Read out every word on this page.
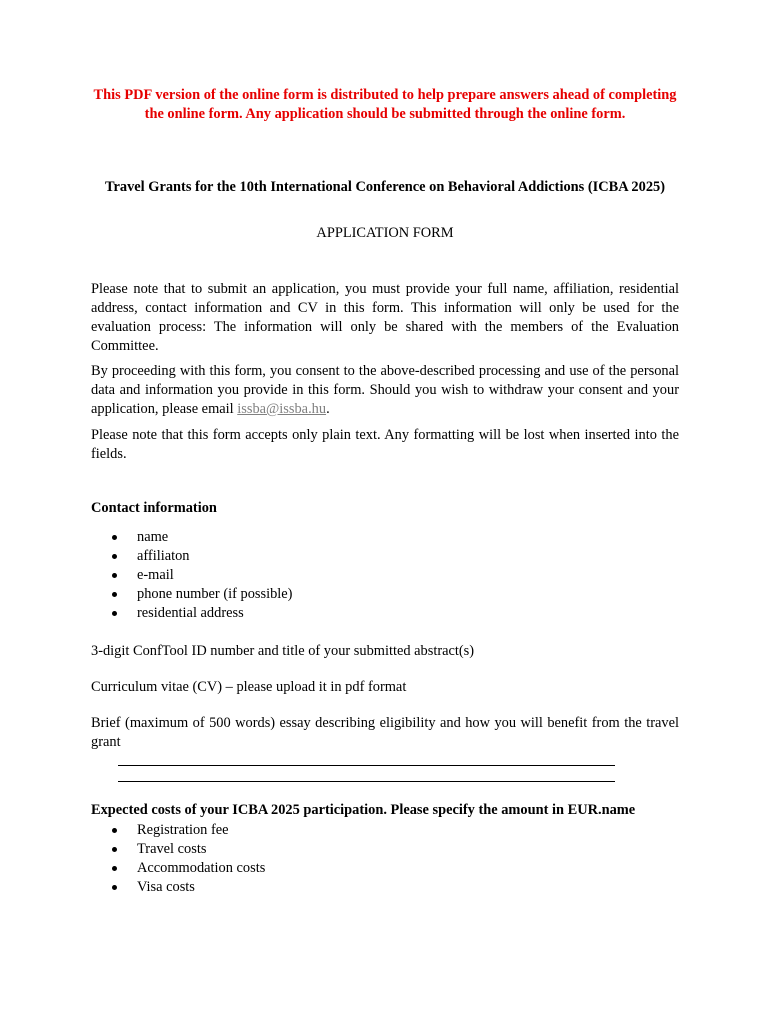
This PDF version of the online form is distributed to help prepare answers ahead of completing the online form. Any application should be submitted through the online form.
Travel Grants for the 10th International Conference on Behavioral Addictions (ICBA 2025)
APPLICATION FORM

Please note that to submit an application, you must provide your full name, affiliation, residential address, contact information and CV in this form. This information will only be used for the evaluation process: The information will only be shared with the members of the Evaluation Committee.

By proceeding with this form, you consent to the above-described processing and use of the personal data and information you provide in this form. Should you wish to withdraw your consent and your application, please email issba@issba.hu.

Please note that this form accepts only plain text. Any formatting will be lost when inserted into the fields.

Contact information
name
affiliaton
e-mail
phone number (if possible)
residential address
3-digit ConfTool ID number and title of your submitted abstract(s)
Curriculum vitae (CV) – please upload it in pdf format
Brief (maximum of 500 words) essay describing eligibility and how you will benefit from the travel grant
Expected costs of your ICBA 2025 participation. Please specify the amount in EUR.name
Registration fee
Travel costs
Accommodation costs
Visa costs
